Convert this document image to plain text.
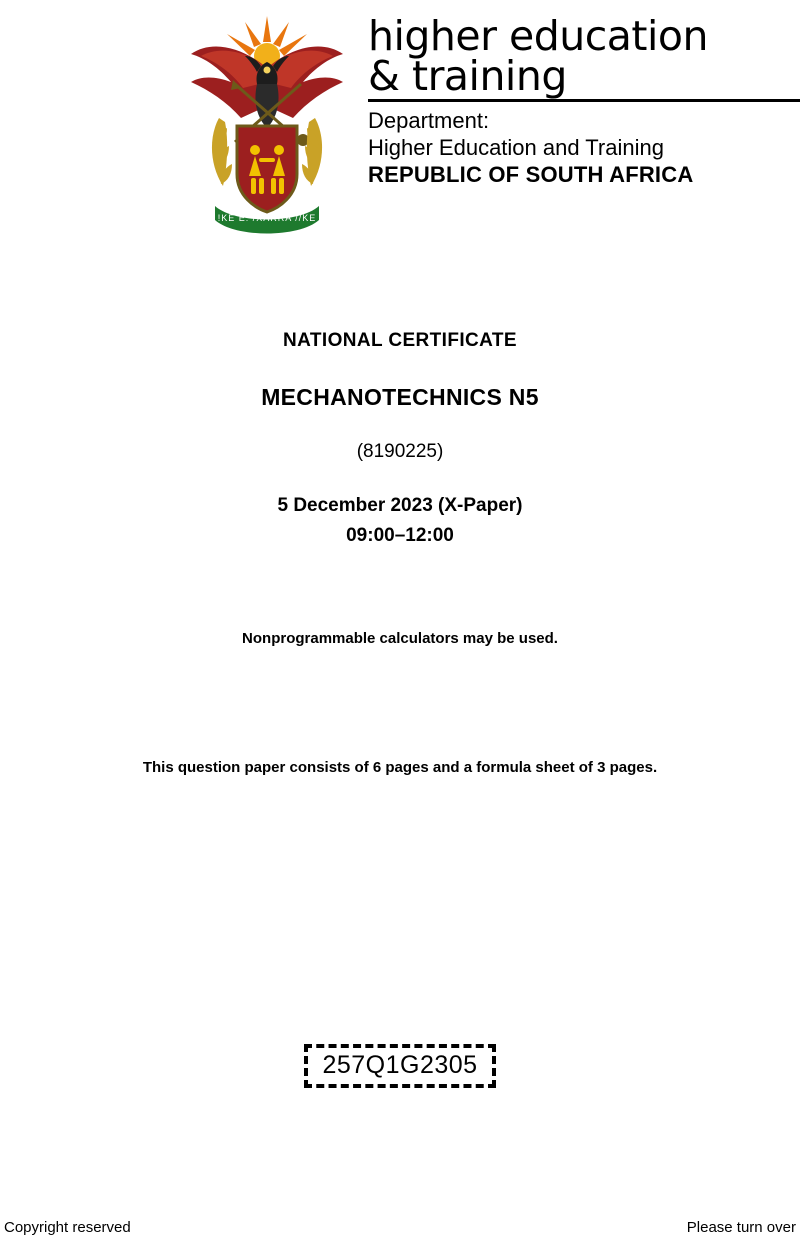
!KE E: /XARRA //KE
higher education
& training
Department:
Higher Education and Training
REPUBLIC OF SOUTH AFRICA
NATIONAL CERTIFICATE
MECHANOTECHNICS N5
(8190225)
5 December 2023 (X-Paper)
09:00–12:00
Nonprogrammable calculators may be used.
This question paper consists of 6 pages and a formula sheet of 3 pages.
257Q1G2305
Copyright reserved	Please turn over
